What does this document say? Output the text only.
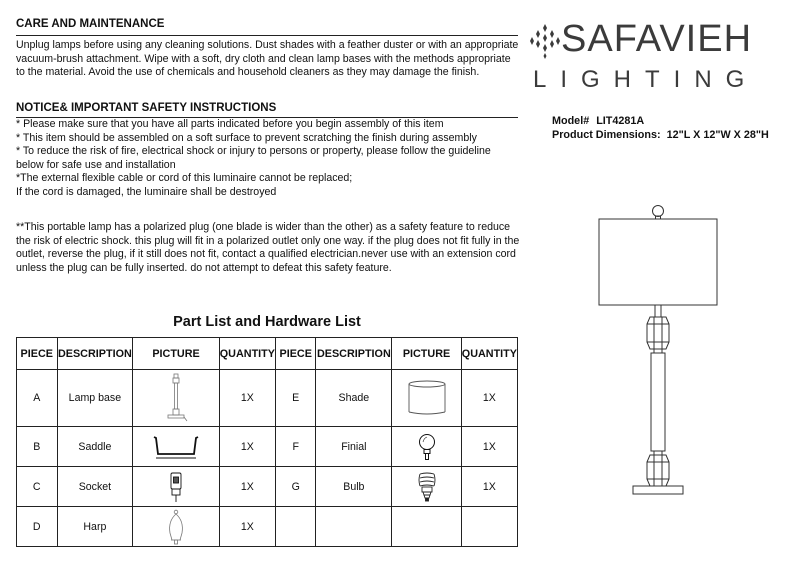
CARE AND MAINTENANCE
Unplug lamps before using any cleaning solutions. Dust shades with a feather duster or with an appropriate
vacuum-brush attachment. Wipe with a soft, dry cloth and clean lamp bases with the methods appropriate
to the material. Avoid the use of chemicals and household cleaners as they may damage the finish.
NOTICE& IMPORTANT SAFETY INSTRUCTIONS
* Please make sure that you have all parts indicated before you begin assembly of this item
* This item should be assembled on a soft surface to prevent scratching the finish during assembly
* To reduce the risk of fire, electrical shock or injury to persons or property, please follow the guideline
below for safe use and installation
*The external flexible cable or cord of this luminaire cannot be replaced;
If the cord is damaged, the luminaire shall be destroyed
**This portable lamp has a polarized plug (one blade is wider than the other) as a safety feature to reduce
the risk of electric shock. this plug will fit in a polarized outlet only one way. if the plug does not fit fully in the
outlet, reverse the plug, if it still does not fit, contact a qualified electrician.never use with an extension cord
unless the plug can be fully inserted. do not attempt to defeat this safety feature.
SAFAVIEH
LIGHTING
Model# LIT4281A
Product Dimensions: 12"L X 12"W X 28"H
Part List and Hardware List
PIECE	DESCRIPTION	PICTURE	QUANTITY	PIECE	DESCRIPTION	PICTURE	QUANTITY
A	Lamp base		1X	E	Shade		1X
B	Saddle		1X	F	Finial		1X
C	Socket		1X	G	Bulb		1X
D	Harp		1X				
